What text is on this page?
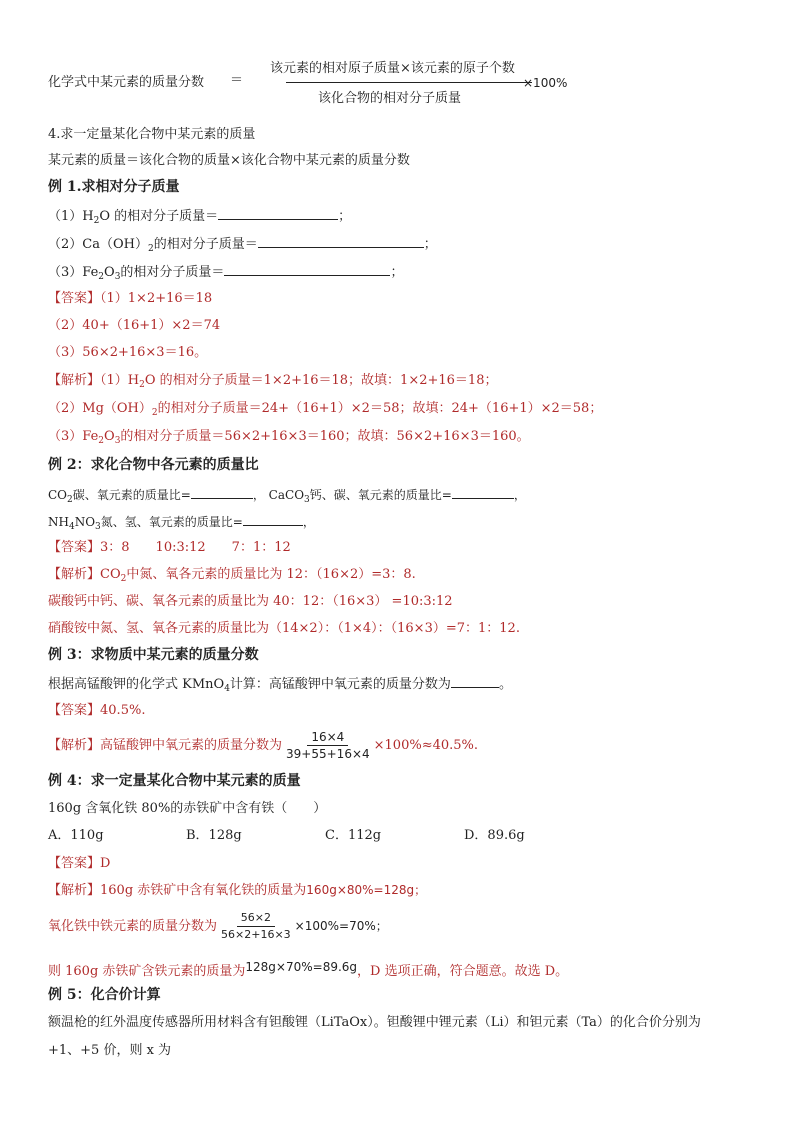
化学式中某元素的质量分数 ＝
该元素的相对原子质量×该元素的原子个数
该化合物的相对分子质量
×100%
4.求一定量某化合物中某元素的质量
某元素的质量＝该化合物的质量×该化合物中某元素的质量分数
例 1.求相对分子质量
$(1)H_2O$ 的相对分子质量＝	；
$(2)Ca(OH)_2$的相对分子质量＝	；
$(3)Fe_2O_3$的相对分子质量＝	；
【答案】（1）1×2+16＝18
（2）40+（16+1）×2＝74
（3）56×2+16×3＝16。
【解析】$(1)H_2O$ 的相对分子质量＝1×2+16＝18；故填：1×2+16＝18；
$(2)Mg(OH)_2$的相对分子质量＝24+（16+1）×2＝58；故填：24+（16+1）×2＝58；
$(3)Fe_2O_3$的相对分子质量＝56×2+16×3＝160；故填：56×2+16×3＝160。
例 2：求化合物中各元素的质量比
$CO_2$碳、氧元素的质量比=	， CaCO$_3$钙、碳、氧元素的质量比=	，
$NH_4NO_3$氮、氢、氧元素的质量比=	，
【答案】3：8　　10:3:12　　7：1：12
【解析】$CO_2$中氮、氧各元素的质量比为 12：（16×2）=3：8.
碳酸钙中钙、碳、氧各元素的质量比为 40：12：（16×3） =10:3:12
硝酸铵中氮、氢、氧各元素的质量比为（14×2）：（1×4）：（16×3）=7：1：12.
例 3：求物质中某元素的质量分数
根据高锰酸钾的化学式 KMnO$_4$计算：高锰酸钾中氧元素的质量分数为	。
【答案】40.5%.
【解析】高锰酸钾中氧元素的质量分数为 $\frac{16\times 4}{39+55+16\times 4} \times 100\%\approx 40.5\%$.
例 4：求一定量某化合物中某元素的质量
160g 含氧化铁 80%的赤铁矿中含有铁（　　）
A．110g	B．128g	C．112g	D．89.6g
【答案】D
【解析】160g 赤铁矿中含有氧化铁的质量为160g×80%=128g；
氧化铁中铁元素的质量分数为 $\frac{56\times 2}{56\times 2+16\times 3} \times 100\%=70\%$；
则 160g 赤铁矿含铁元素的质量为128g×70%=89.6g，D 选项正确，符合题意。故选 D。
例 5：化合价计算
额温枪的红外温度传感器所用材料含有钽酸锂（LiTaOx）。钽酸锂中锂元素（Li）和钽元素（Ta）的化合价分别为
+1、+5 价，则 x 为
